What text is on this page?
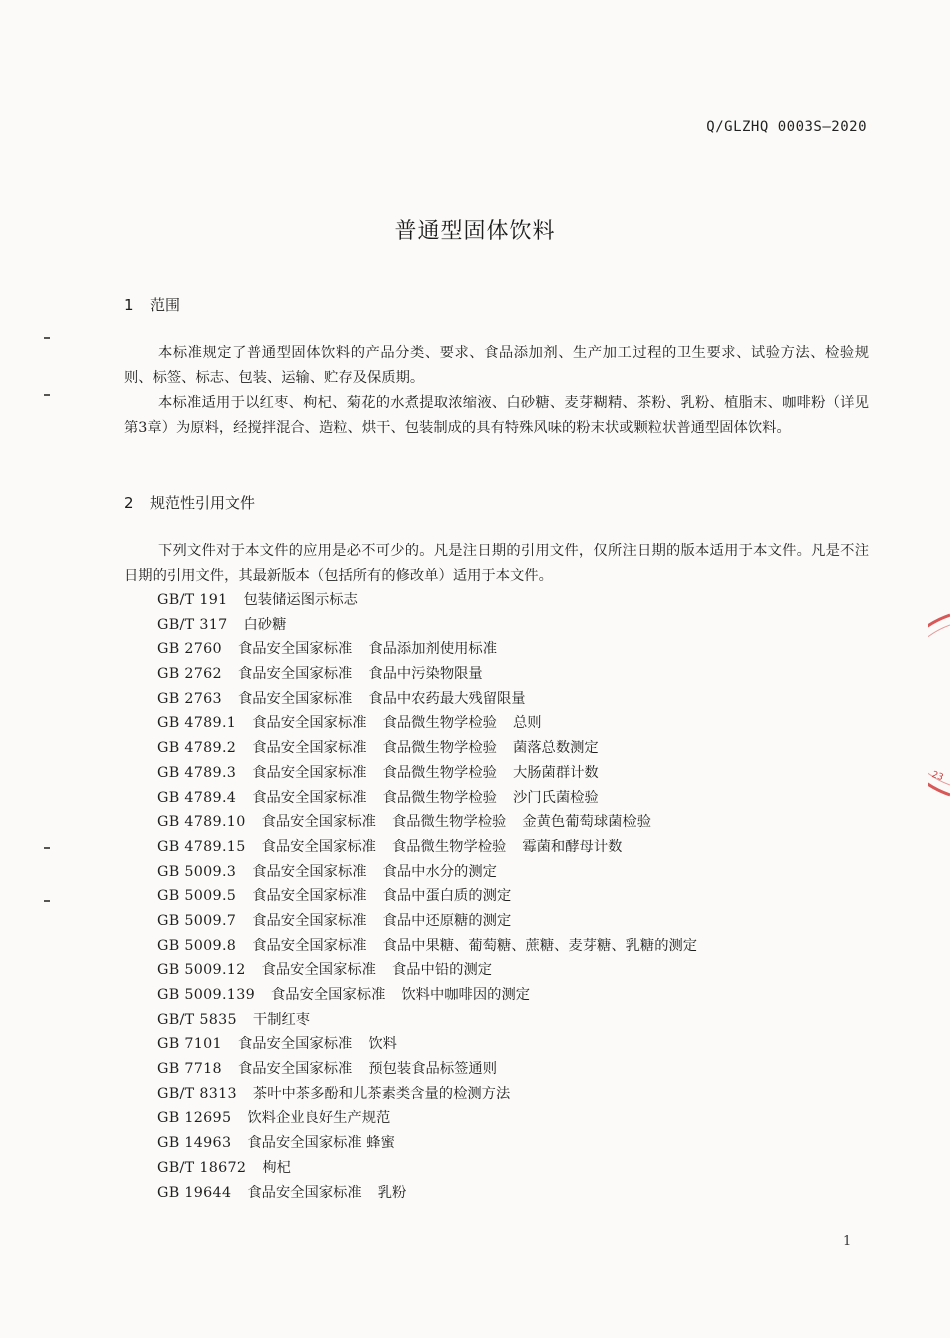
Q/GLZHQ 0003S—2020
普通型固体饮料
1 范围

本标准规定了普通型固体饮料的产品分类、要求、食品添加剂、生产加工过程的卫生要求、试验方法、检验规则、标签、标志、包装、运输、贮存及保质期。

本标准适用于以红枣、枸杞、菊花的水煮提取浓缩液、白砂糖、麦芽糊精、茶粉、乳粉、植脂末、咖啡粉（详见第3章）为原料，经搅拌混合、造粒、烘干、包装制成的具有特殊风味的粉末状或颗粒状普通型固体饮料。

2 规范性引用文件

下列文件对于本文件的应用是必不可少的。凡是注日期的引用文件，仅所注日期的版本适用于本文件。凡是不注日期的引用文件，其最新版本（包括所有的修改单）适用于本文件。

GB/T 191 包装储运图示标志
GB/T 317 白砂糖
GB 2760 食品安全国家标准 食品添加剂使用标准
GB 2762 食品安全国家标准 食品中污染物限量
GB 2763 食品安全国家标准 食品中农药最大残留限量
GB 4789.1 食品安全国家标准 食品微生物学检验 总则
GB 4789.2 食品安全国家标准 食品微生物学检验 菌落总数测定
GB 4789.3 食品安全国家标准 食品微生物学检验 大肠菌群计数
GB 4789.4 食品安全国家标准 食品微生物学检验 沙门氏菌检验
GB 4789.10 食品安全国家标准 食品微生物学检验 金黄色葡萄球菌检验
GB 4789.15 食品安全国家标准 食品微生物学检验 霉菌和酵母计数
GB 5009.3 食品安全国家标准 食品中水分的测定
GB 5009.5 食品安全国家标准 食品中蛋白质的测定
GB 5009.7 食品安全国家标准 食品中还原糖的测定
GB 5009.8 食品安全国家标准 食品中果糖、葡萄糖、蔗糖、麦芽糖、乳糖的测定
GB 5009.12 食品安全国家标准 食品中铅的测定
GB 5009.139 食品安全国家标准 饮料中咖啡因的测定
GB/T 5835 干制红枣
GB 7101 食品安全国家标准 饮料
GB 7718 食品安全国家标准 预包装食品标签通则
GB/T 8313 茶叶中茶多酚和儿茶素类含量的检测方法
GB 12695 饮料企业良好生产规范
GB 14963 食品安全国家标准 蜂蜜
GB/T 18672 枸杞
GB 19644 食品安全国家标准 乳粉
1
23
